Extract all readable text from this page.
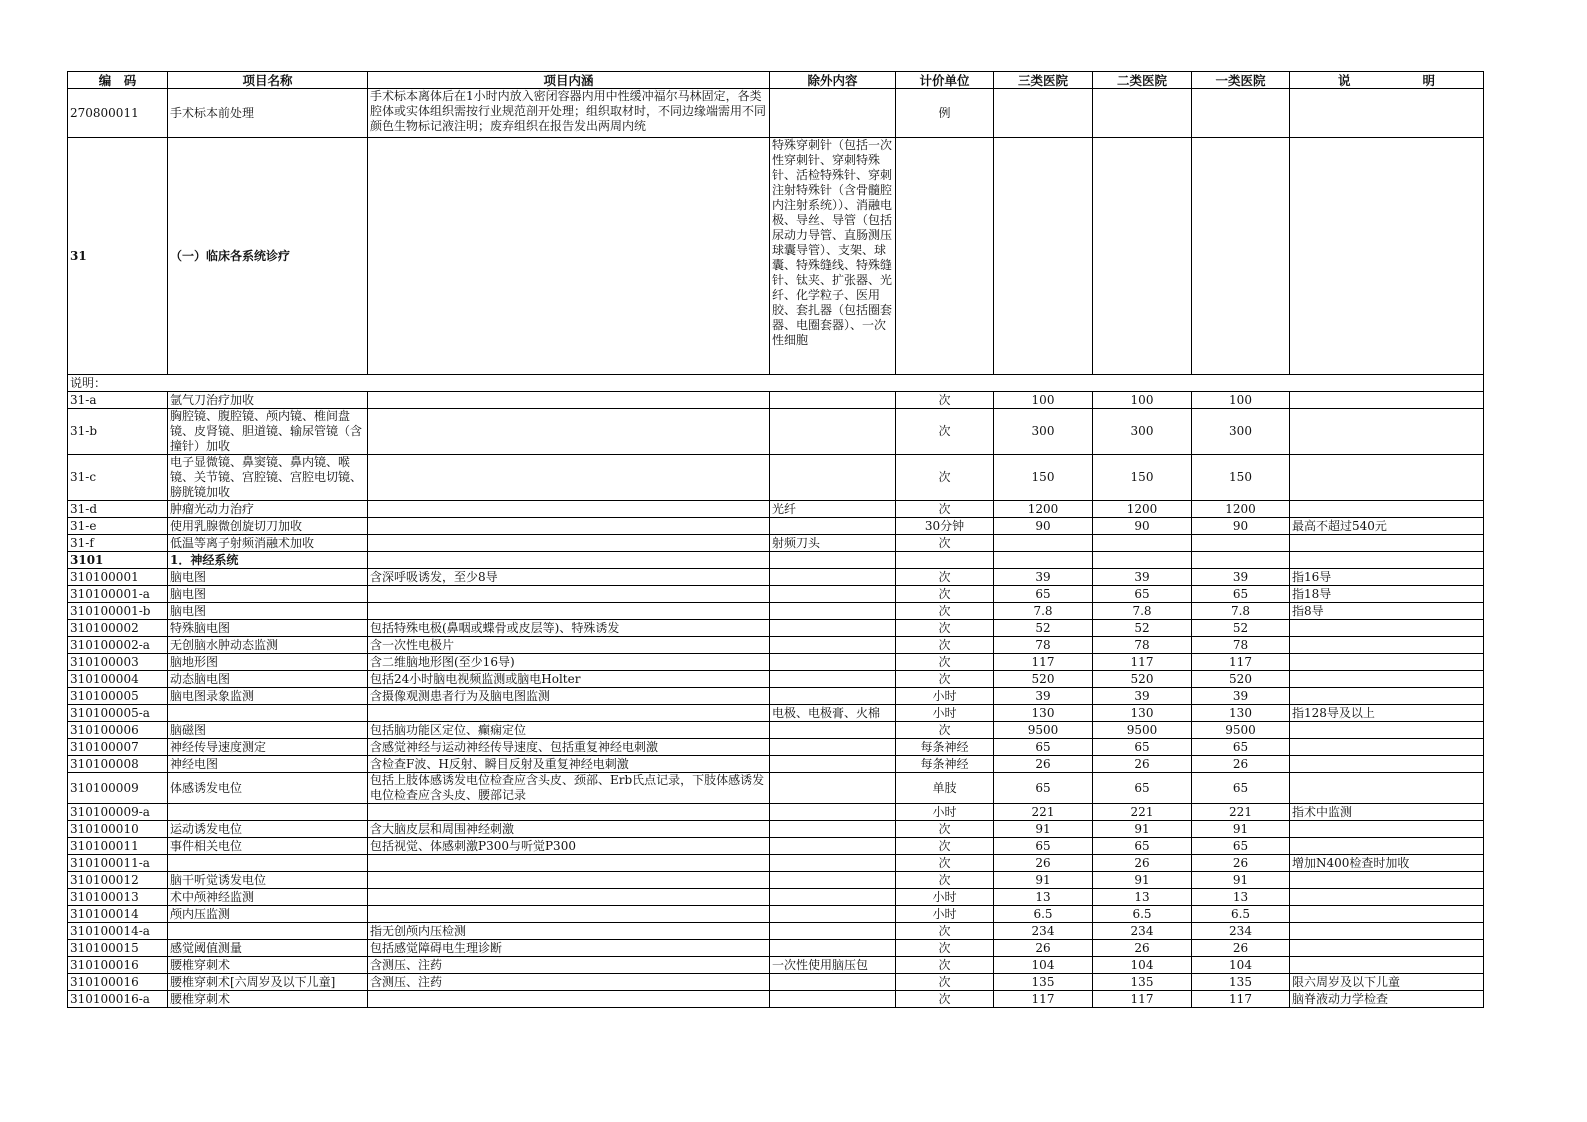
编　码	项目名称	项目内涵	除外内容	计价单位	三类医院	二类医院	一类医院	说明
270800011	手术标本前处理	手术标本离体后在1小时内放入密闭容器内用中性缓冲福尔马林固定，各类腔体或实体组织需按行业规范剖开处理；组织取材时，不同边缘端需用不同颜色生物标记液注明；废弃组织在报告发出两周内统		例				
31	（一）临床各系统诊疗		特殊穿刺针（包括一次性穿刺针、穿刺特殊针、活检特殊针、穿刺注射特殊针（含骨髓腔内注射系统））、消融电极、导丝、导管（包括尿动力导管、直肠测压球囊导管）、支架、球囊、特殊缝线、特殊缝针、钛夹、扩张器、光纤、化学粒子、医用胶、套扎器（包括圈套器、电圈套器）、一次性细胞					

说明：								
31-a	氩气刀治疗加收			次	100	100	100	
31-b	胸腔镜、腹腔镜、颅内镜、椎间盘镜、皮肾镜、胆道镜、输尿管镜（含撞针）加收			次	300	300	300	
31-c	电子显微镜、鼻窦镜、鼻内镜、喉镜、关节镜、宫腔镜、宫腔电切镜、膀胱镜加收			次	150	150	150	
31-d	肿瘤光动力治疗		光纤	次	1200	1200	1200	
31-e	使用乳腺微创旋切刀加收			30分钟	90	90	90	最高不超过540元
31-f	低温等离子射频消融术加收		射频刀头	次				
3101	1．神经系统							
310100001	脑电图	含深呼吸诱发，至少8导		次	39	39	39	指16导
310100001-a	脑电图			次	65	65	65	指18导
310100001-b	脑电图			次	7.8	7.8	7.8	指8导
310100002	特殊脑电图	包括特殊电极(鼻咽或蝶骨或皮层等)、特殊诱发		次	52	52	52	
310100002-a	无创脑水肿动态监测	含一次性电极片		次	78	78	78	
310100003	脑地形图	含二维脑地形图(至少16导)		次	117	117	117	
310100004	动态脑电图	包括24小时脑电视频监测或脑电Holter		次	520	520	520	
310100005	脑电图录象监测	含摄像观测患者行为及脑电图监测		小时	39	39	39	
310100005-a			电极、电极膏、火棉	小时	130	130	130	指128导及以上
310100006	脑磁图	包括脑功能区定位、癫痫定位		次	9500	9500	9500	
310100007	神经传导速度测定	含感觉神经与运动神经传导速度、包括重复神经电刺激		每条神经	65	65	65	
310100008	神经电图	含检查F波、H反射、瞬目反射及重复神经电刺激		每条神经	26	26	26	
310100009	体感诱发电位	包括上肢体感诱发电位检查应含头皮、颈部、Erb氏点记录，下肢体感诱发电位检查应含头皮、腰部记录		单肢	65	65	65	
310100009-a				小时	221	221	221	指术中监测
310100010	运动诱发电位	含大脑皮层和周围神经刺激		次	91	91	91	
310100011	事件相关电位	包括视觉、体感刺激P300与听觉P300		次	65	65	65	
310100011-a				次	26	26	26	增加N400检查时加收
310100012	脑干听觉诱发电位			次	91	91	91	
310100013	术中颅神经监测			小时	13	13	13	
310100014	颅内压监测			小时	6.5	6.5	6.5	
310100014-a		指无创颅内压检测		次	234	234	234	
310100015	感觉阈值测量	包括感觉障碍电生理诊断		次	26	26	26	
310100016	腰椎穿刺术	含测压、注药	一次性使用脑压包	次	104	104	104	
310100016	腰椎穿刺术[六周岁及以下儿童]	含测压、注药		次	135	135	135	限六周岁及以下儿童
310100016-a	腰椎穿刺术			次	117	117	117	脑脊液动力学检查
